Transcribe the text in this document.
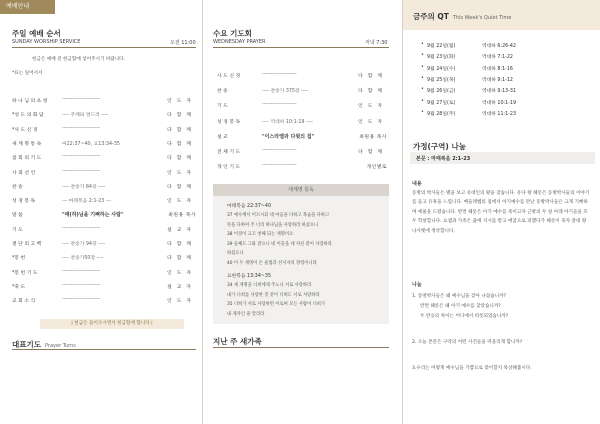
예배안내
주일 예배 순서
SUNDAY WORSHIP SERVICE	오전 11:00
헌금은 예배 전 헌금함에 넣어주시기 바랍니다.
*표는 일어서서
하 나 님 의 초 청	----------------------	인도자
*성 도 의 화 답	---- 주께와 엎드려 ----	다함께
*사 도 신 경	----------------------	다함께
새 계 명 통 독	마22:37~40, 요13:34-35	다함께
참 회 의 기 도	----------------------	다함께
사 죄 선 언	----------------------	인도자
찬 송	---- 찬송가 84장 ----	다함께
성 경 봉 독	--- 마태복음 2:1-23 ---	인도자
말 씀	"애(하)님을 기뻐하는 사람"	최원용 목사
기 도	----------------------	설교자
결 단 의 고 백	---- 찬송가 94장 ----	다함께
*봉 헌	---- 찬송가50장 ----	다함께
*봉 헌 기 도	----------------------	인도자
*축 도	----------------------	설교자
교 회 소 식	----------------------	인도자
| 헌금은 들어오시면서 헌금함에 합니다 |
대표기도 Prayer Turns
수요 기도회
WEDNESDAY PRAYER	저녁 7:30
사 도 신 경	--------------------	다함께
찬 송	---- 찬송가 375장 ----	다함께
기 도	--------------------	인도자
성 경 봉 독	---- 역대하 10:1-19 ----	인도자
설 교	"이스라엘과 다윗의 집"	최원용 목사
전 체 기 도	--------------------	다함께
개 인 기 도	--------------------	개인별로
새계명 통독
마태복음 22:37~40
37 예수께서 이르시되 네 마음을 다하고 목숨을 다하고
뜻을 다하여 주 너의 하나님을 사랑하라 하셨으니
38 이것이 크고 첫째 되는 계명이요
39 둘째도 그와 같으니 네 이웃을 네 자신 같이 사랑하라
하셨으니
40 이 두 계명이 온 율법과 선지자의 강령이니라
요한복음 13:34~35
34 새 계명을 너희에게 주노니 서로 사랑하라
내가 너희를 사랑한 것 같이 너희도 서로 사랑하라
35 너희가 서로 사랑하면 이로써 모든 사람이 너희가
내 제자인 줄 알리라
지난 주 새가족
금주의 QT This Week's Quiet Time
• 9월 22일(월)	역대하 6:26-42
• 9월 23일(화)	역대하 7:1-22
• 9월 24일(수)	역대하 8:1-16
• 9월 25일(목)	역대하 9:1-12
• 9월 26일(금)	역대하 9:13-31
• 9월 27일(토)	역대하 10:1-19
• 9월 28일(주)	역대하 11:1-23
가정(구역) 나눔
본문 : 마태복음 2:1-23
내용
동방의 박사들은 별을 보고 유대인의 왕을 찾습니다. 유다 왕 헤롯은 동방박사들의 이야기를 듣고 유혹을 느낍니다. 베들레헴의 집에서 아기예수를 만난 동방박사들은 크게 기뻐하며 예물을 드렸습니다. 반면 헤롯은 아기 예수를 죽이고자 근방의 두 살 아래 아기들을 모두 학살합니다. 요셉과 가족은 꿈에 지시를 받고 애굽으로 피했다가 헤롯이 죽자 갈대 땅 나사렛에 정착합니다.
나눔
1. 동방박사들은 왜 예수님을 찾아 나섰습니까?
반면 헤롯은 왜 아기 예수를 찾았습니까?
두 반응의 차이는 어디에서 비롯되었습니까?
2. 오늘 본문은 구약의 어떤 사건들을 떠올리게 합니까?
3.우리는 어떻게 예수님을 기쁨으로 맞이할지 묵상해봅시다.
